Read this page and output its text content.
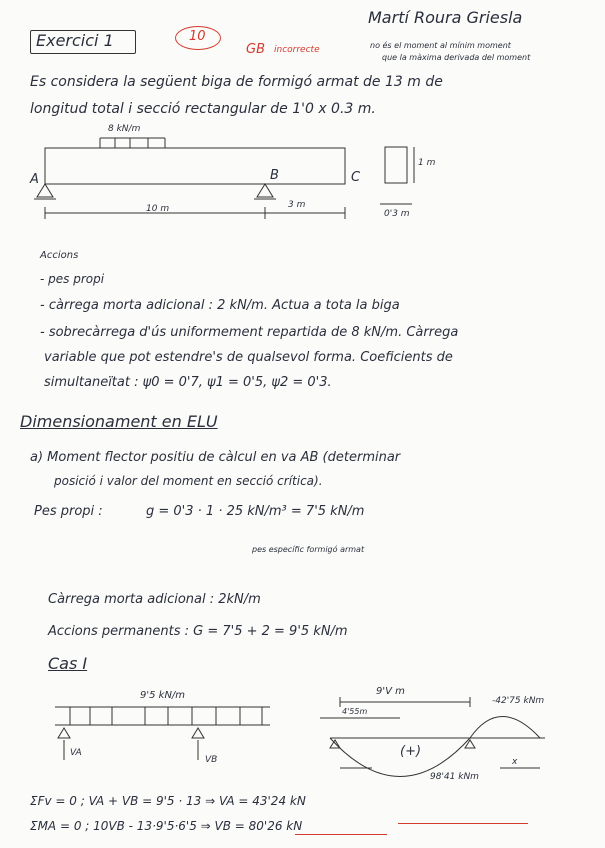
Martí Roura Griesla
Exercici 1	10
GB incorrecte	no és el moment al mínim moment
que la màxima derivada del moment
Es considera la següent biga de formigó armat de 13 m de
longitud total i secció rectangular de 1'0 x 0.3 m.
8 kN/m
A	B	C
10 m	3 m
1 m
0'3 m
Accions
- pes propi
- càrrega morta adicional : 2 kN/m. Actua a tota la biga
- sobrecàrrega d'ús uniformement repartida de 8 kN/m. Càrrega
variable que pot estendre's de qualsevol forma. Coeficients de
simultaneïtat : ψ0 = 0'7, ψ1 = 0'5, ψ2 = 0'3.
Dimensionament en ELU
a) Moment flector positiu de càlcul en va AB (determinar
posició i valor del moment en secció crítica).
Pes propi :	g = 0'3 · 1 · 25 kN/m³ = 7'5 kN/m
pes específic formigó armat
Càrrega morta adicional : 2kN/m
Accions permanents : G = 7'5 + 2 = 9'5 kN/m
Cas I
9'5 kN/m
VA
VB
9'V m
4'55m
-42'75 kNm
(+)
98'41 kNm
x
ΣFv = 0 ; VA + VB = 9'5 · 13 ⇒ VA = 43'24 kN
ΣMA = 0 ; 10VB - 13·9'5·6'5 ⇒ VB = 80'26 kN	——————————
